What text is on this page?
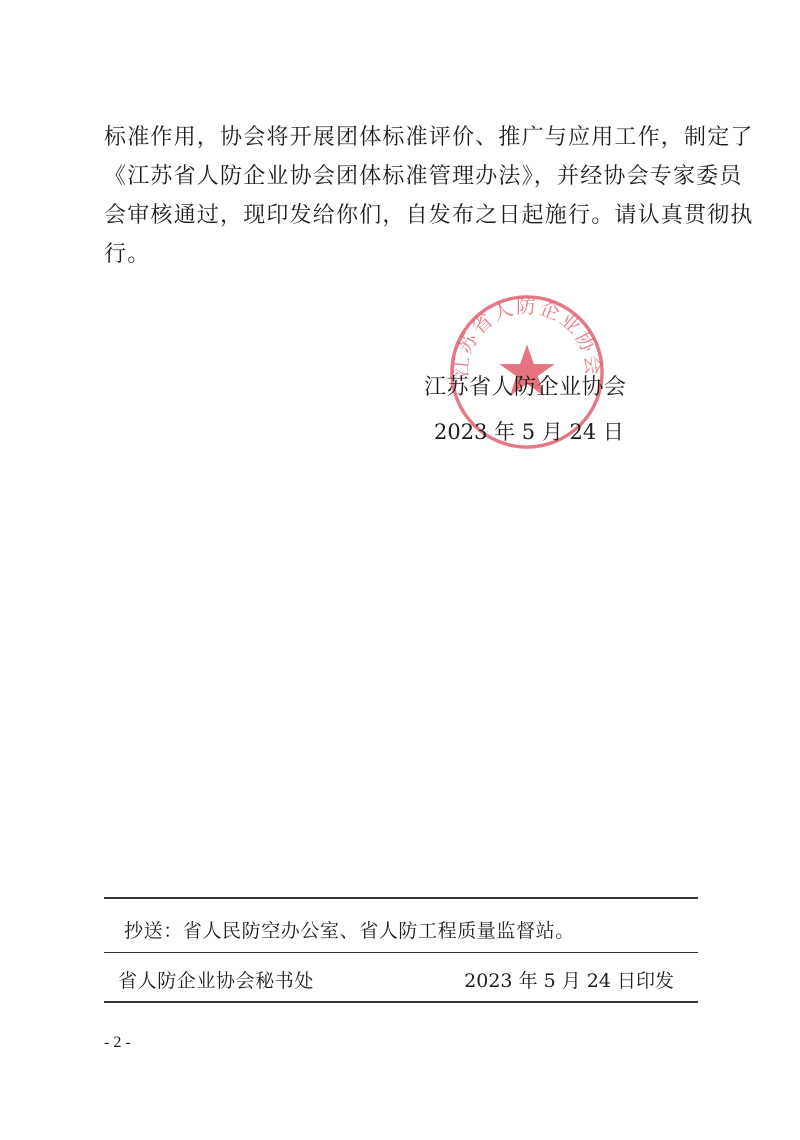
标准作用，协会将开展团体标准评价、推广与应用工作，制定了
《江苏省人防企业协会团体标准管理办法》，并经协会专家委员
会审核通过，现印发给你们，自发布之日起施行。请认真贯彻执
行。
江苏省人防企业协会
江苏省人防企业协会
2023 年 5 月 24 日
抄送：省人民防空办公室、省人防工程质量监督站。
省人防企业协会秘书处	2023 年 5 月 24 日印发
- 2 -
